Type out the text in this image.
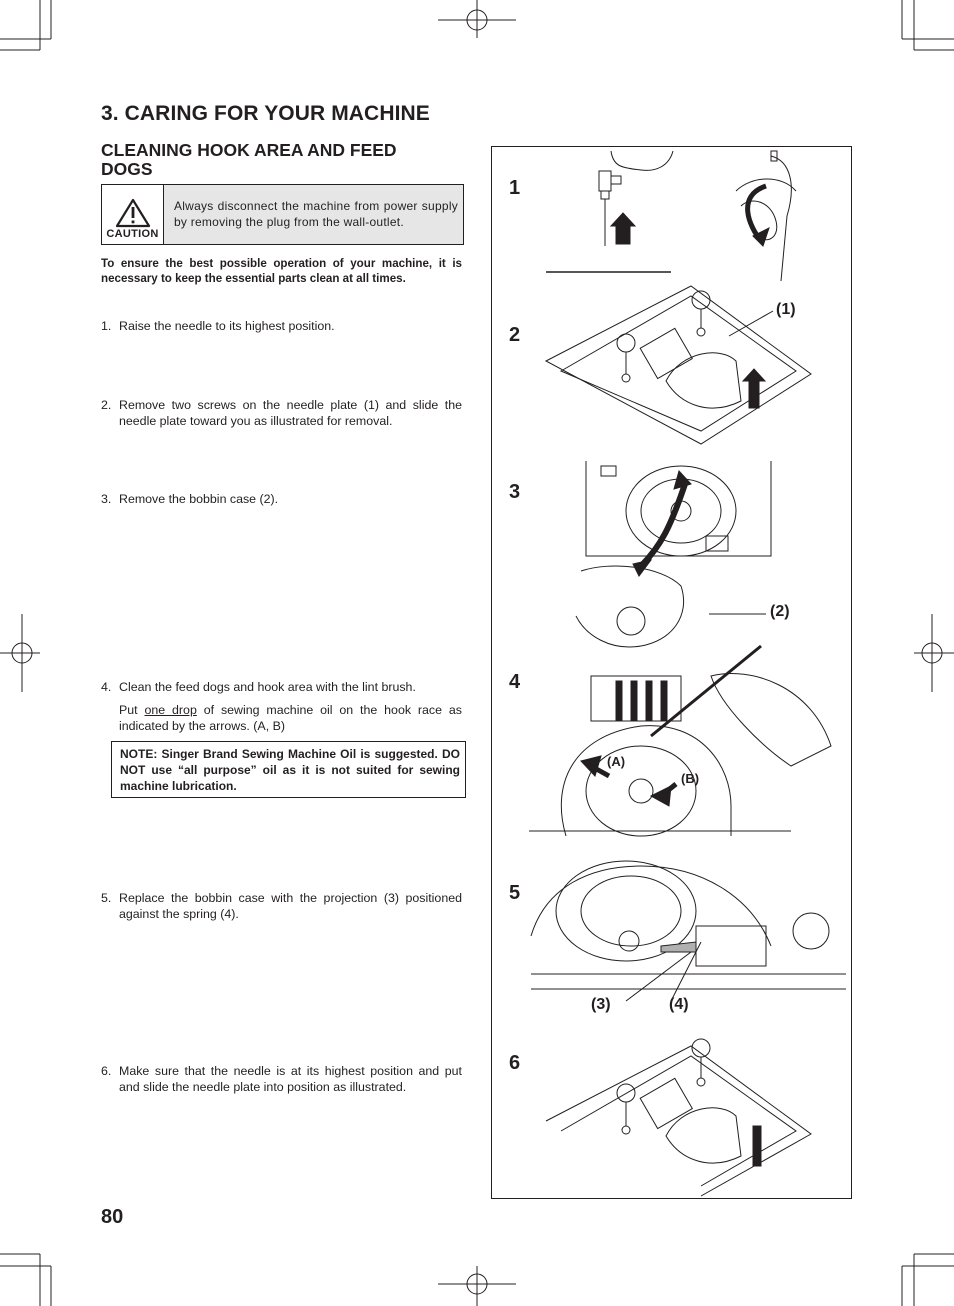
3. CARING FOR YOUR MACHINE
CLEANING HOOK AREA AND FEED DOGS
CAUTION
Always disconnect the machine from power supply by removing the plug from the wall-outlet.
To ensure the best possible operation of your machine, it is necessary to keep the essential parts clean at all times.
1. Raise the needle to its highest position.
2. Remove two screws on the needle plate (1) and slide the needle plate toward you as illustrated for removal.
3. Remove the bobbin case (2).
4. Clean the feed dogs and hook area with the lint brush.
Put one drop of sewing machine oil on the hook race as indicated by the arrows. (A, B)
NOTE: Singer Brand Sewing Machine Oil is suggested. DO NOT use “all purpose” oil as it is not suited for sewing machine lubrication.
5. Replace the bobbin case with the projection (3) positioned against the spring (4).
6. Make sure that the needle is at its highest position and put and slide the needle plate into position as illustrated.
80
1
2
3
4
5
6
(1)
(2)
(A)
(B)
(3)	(4)
